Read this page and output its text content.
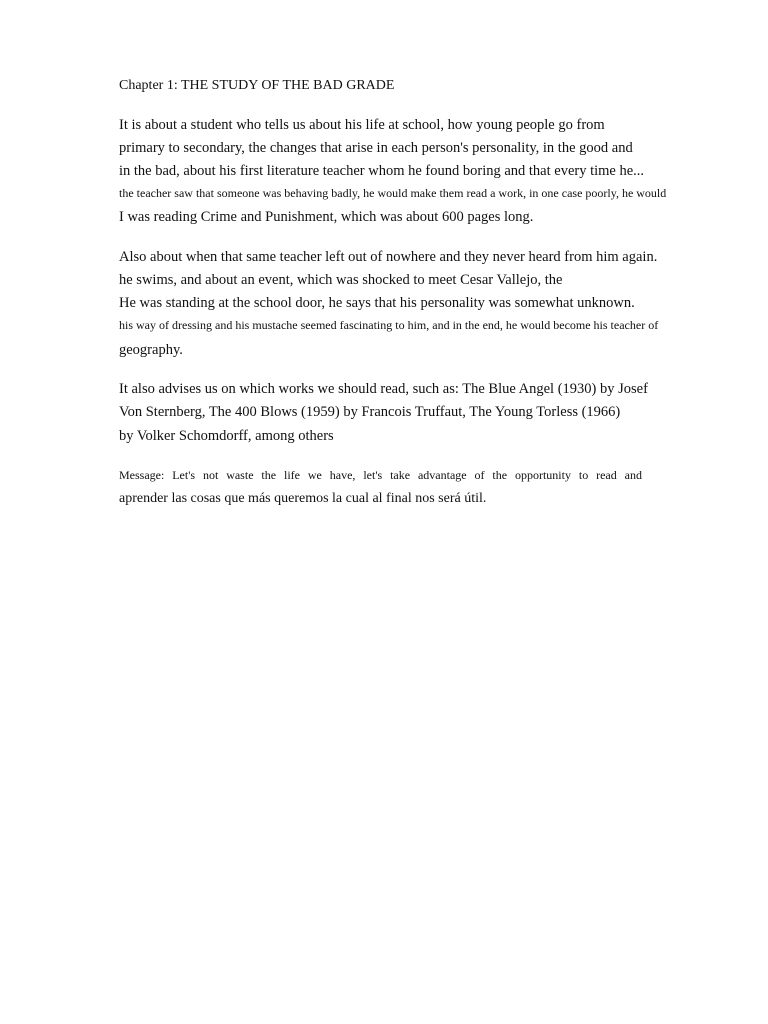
Chapter 1: THE STUDY OF THE BAD GRADE
It is about a student who tells us about his life at school, how young people go from
primary to secondary, the changes that arise in each person's personality, in the good and
in the bad, about his first literature teacher whom he found boring and that every time he...
the teacher saw that someone was behaving badly, he would make them read a work, in one case poorly, he would
I was reading Crime and Punishment, which was about 600 pages long.
Also about when that same teacher left out of nowhere and they never heard from him again.
he swims, and about an event, which was shocked to meet Cesar Vallejo, the
He was standing at the school door, he says that his personality was somewhat unknown.
his way of dressing and his mustache seemed fascinating to him, and in the end, he would become his teacher of
geography.
It also advises us on which works we should read, such as: The Blue Angel (1930) by Josef
Von Sternberg, The 400 Blows (1959) by Francois Truffaut, The Young Torless (1966)
by Volker Schomdorff, among others
Message: Let's not waste the life we have, let's take advantage of the opportunity to read and
aprender las cosas que más queremos la cual al final nos será útil.
